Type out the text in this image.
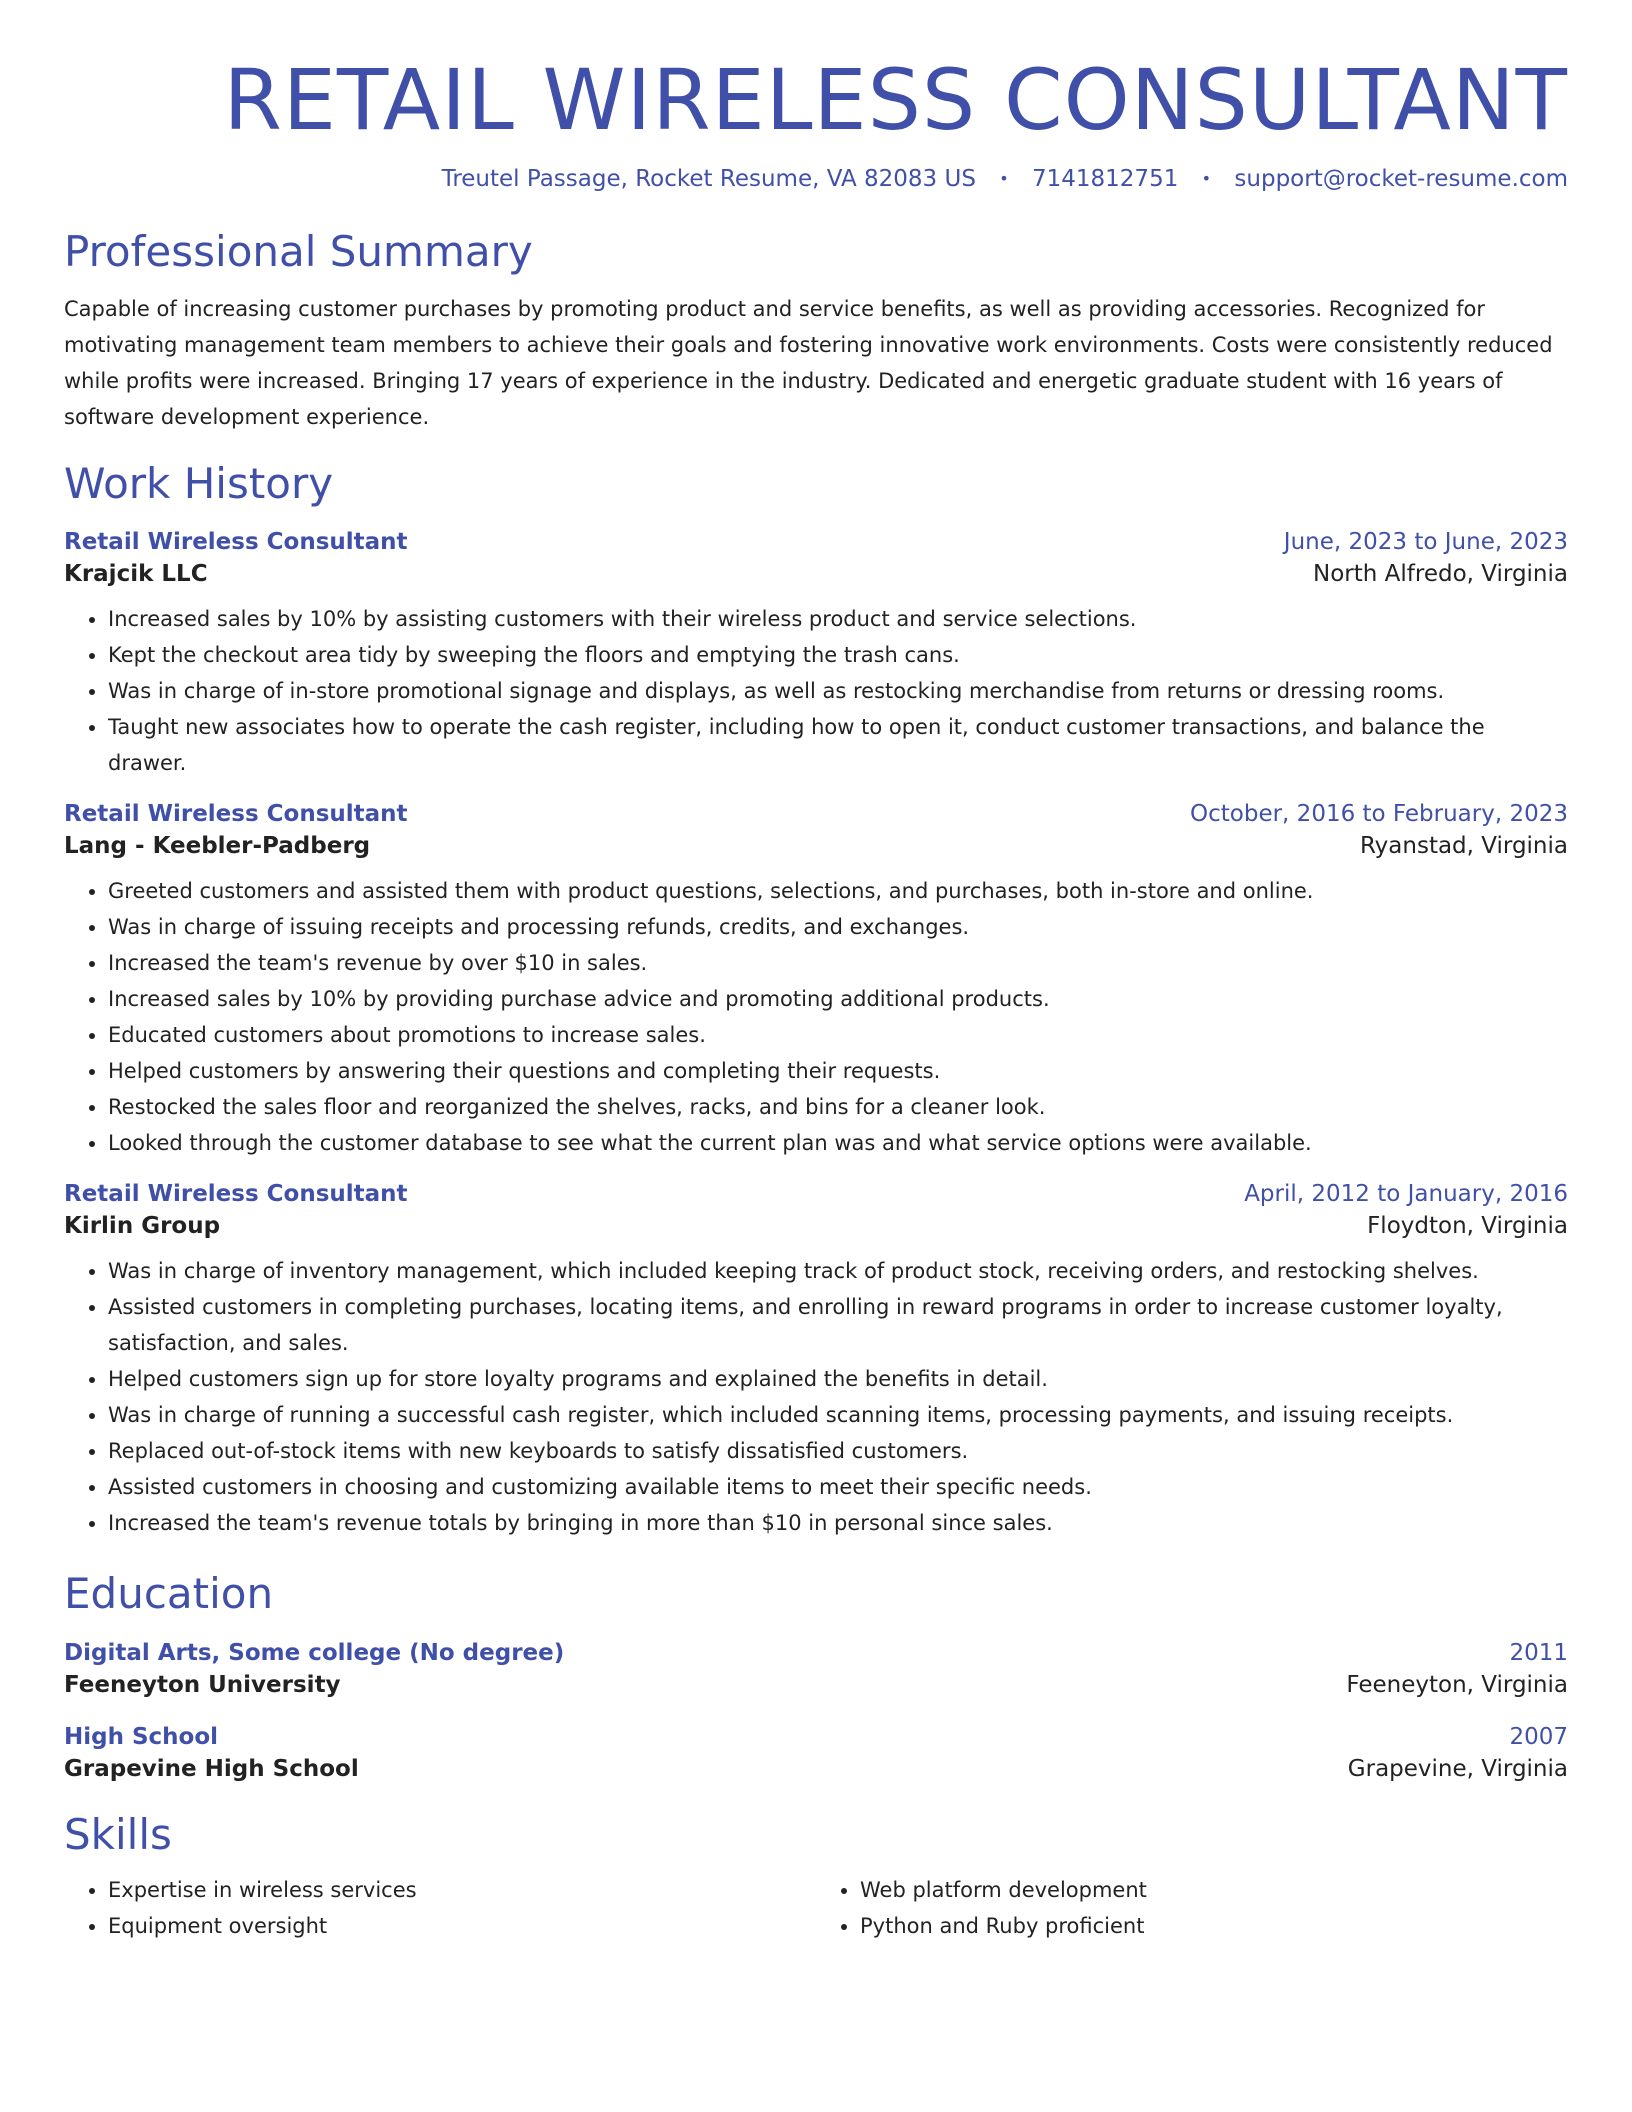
RETAIL WIRELESS CONSULTANT
Treutel Passage, Rocket Resume, VA 82083 US • 7141812751 • support@rocket-resume.com
Professional Summary

Capable of increasing customer purchases by promoting product and service benefits, as well as providing accessories. Recognized for motivating management team members to achieve their goals and fostering innovative work environments. Costs were consistently reduced while profits were increased. Bringing 17 years of experience in the industry. Dedicated and energetic graduate student with 16 years of software development experience.

Work History
Retail Wireless Consultant	June, 2023 to June, 2023
Krajcik LLC	North Alfredo, Virginia
• Increased sales by 10% by assisting customers with their wireless product and service selections.
• Kept the checkout area tidy by sweeping the floors and emptying the trash cans.
• Was in charge of in-store promotional signage and displays, as well as restocking merchandise from returns or dressing rooms.
• Taught new associates how to operate the cash register, including how to open it, conduct customer transactions, and balance the drawer.
Retail Wireless Consultant	October, 2016 to February, 2023
Lang - Keebler-Padberg	Ryanstad, Virginia
• Greeted customers and assisted them with product questions, selections, and purchases, both in-store and online.
• Was in charge of issuing receipts and processing refunds, credits, and exchanges.
• Increased the team's revenue by over $10 in sales.
• Increased sales by 10% by providing purchase advice and promoting additional products.
• Educated customers about promotions to increase sales.
• Helped customers by answering their questions and completing their requests.
• Restocked the sales floor and reorganized the shelves, racks, and bins for a cleaner look.
• Looked through the customer database to see what the current plan was and what service options were available.
Retail Wireless Consultant	April, 2012 to January, 2016
Kirlin Group	Floydton, Virginia
• Was in charge of inventory management, which included keeping track of product stock, receiving orders, and restocking shelves.
• Assisted customers in completing purchases, locating items, and enrolling in reward programs in order to increase customer loyalty, satisfaction, and sales.
• Helped customers sign up for store loyalty programs and explained the benefits in detail.
• Was in charge of running a successful cash register, which included scanning items, processing payments, and issuing receipts.
• Replaced out-of-stock items with new keyboards to satisfy dissatisfied customers.
• Assisted customers in choosing and customizing available items to meet their specific needs.
• Increased the team's revenue totals by bringing in more than $10 in personal since sales.
Education
Digital Arts, Some college (No degree)	2011
Feeneyton University	Feeneyton, Virginia
High School	2007
Grapevine High School	Grapevine, Virginia
Skills
• Expertise in wireless services
• Equipment oversight
• Web platform development
• Python and Ruby proficient
